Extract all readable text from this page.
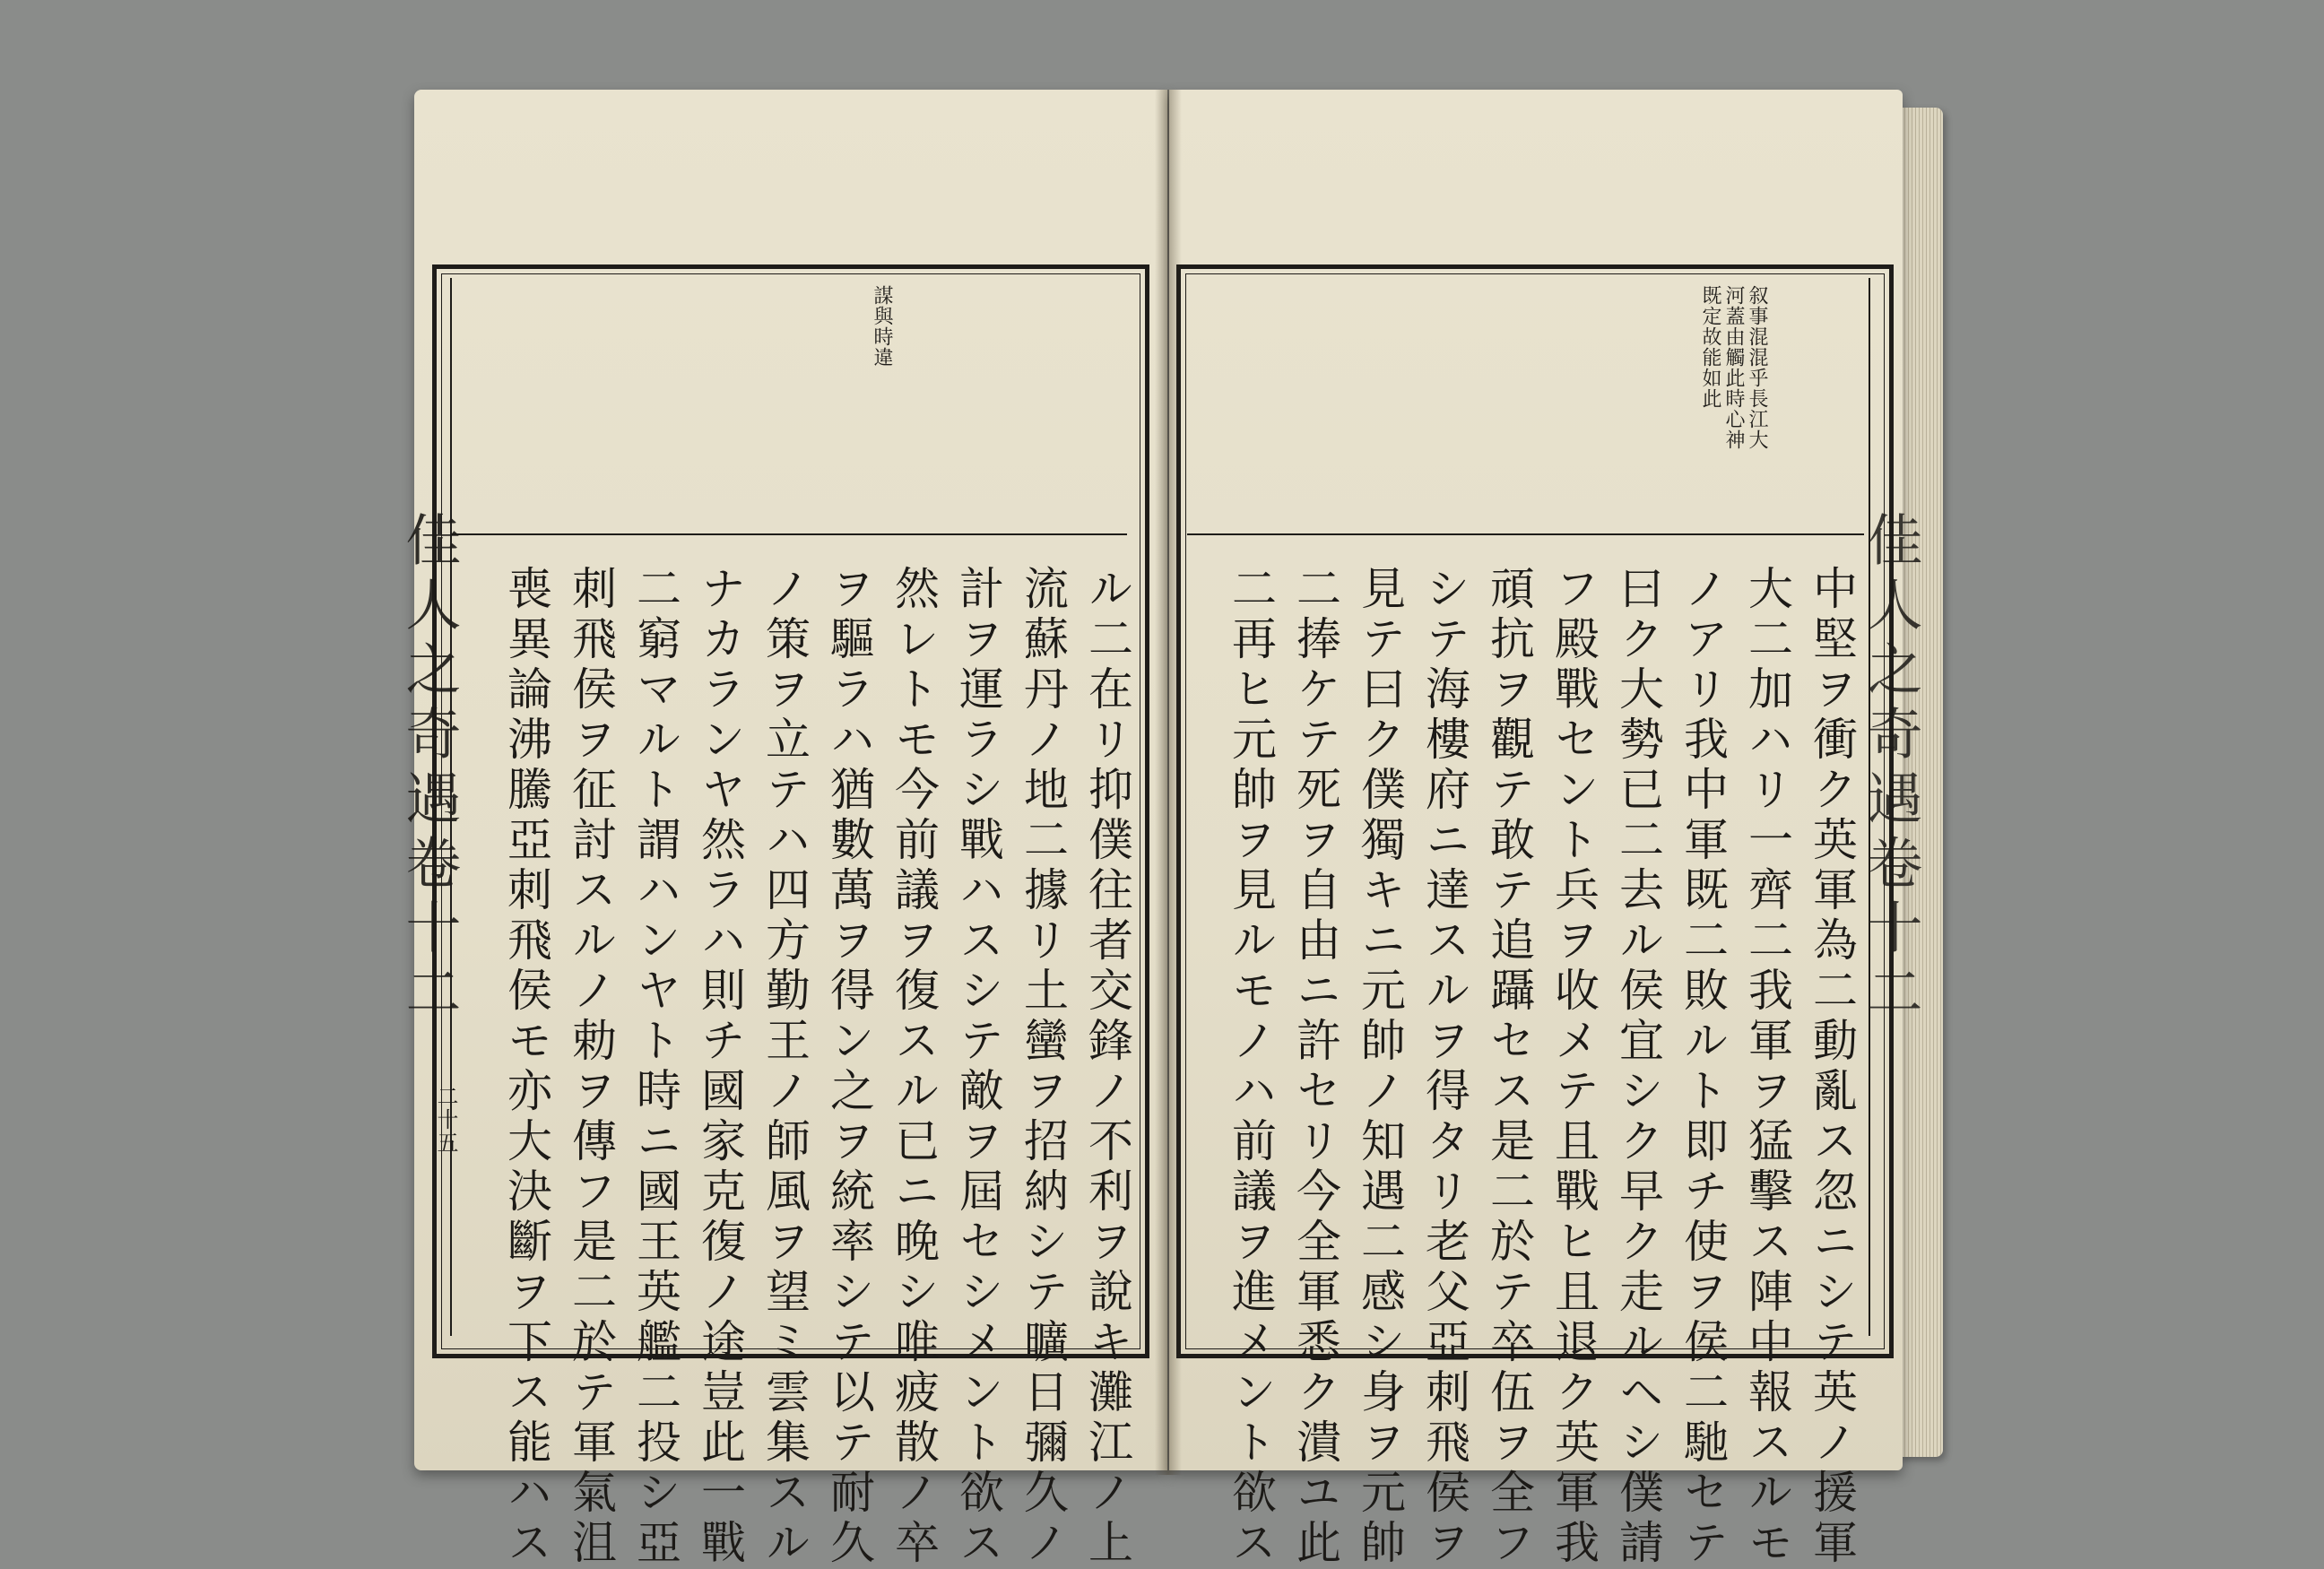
謀與時違
佳人之奇遇卷十二
二十五	ル二在リ抑僕往者交鋒ノ不利ヲ說キ灘江ノ上
流蘇丹ノ地二據リ土蠻ヲ招納シテ曠日彌久ノ
計ヲ運ラシ戰ハスシテ敵ヲ屆セシメント欲ス
然レトモ今前議ヲ復スル已ニ晚シ唯疲散ノ卒
ヲ驅ラハ猶數萬ヲ得ン之ヲ統率シテ以テ耐久
ノ策ヲ立テハ四方勤王ノ師風ヲ望ミ雲集スル
ナカランヤ然ラハ則チ國家克復ノ途豈此一戰
二窮マルト謂ハンヤト時ニ國王英艦二投シ亞
刺飛侯ヲ征討スルノ勅ヲ傳フ是二於テ軍氣沮
喪異論沸騰亞刺飛侯モ亦大決斷ヲ下ス能ハス
叙事混混乎長江大
河蓋由觸此時心神
既定故能如此
佳人之奇遇卷十二
中堅ヲ衝ク英軍為二動亂ス忽ニシテ英ノ援軍
大二加ハリ一齊二我軍ヲ猛擊ス陣中報スルモ
ノアリ我中軍既二敗ルト即チ使ヲ侯二馳セテ
曰ク大勢已二去ル侯宜シク早ク走ルヘシ僕請
フ殿戰セント兵ヲ收メテ且戰ヒ且退ク英軍我
頑抗ヲ觀テ敢テ追躡セス是二於テ卒伍ヲ全フ
シテ海樓府ニ達スルヲ得タリ老父亞刺飛侯ヲ
見テ曰ク僕獨キニ元帥ノ知遇二感シ身ヲ元帥
二捧ケテ死ヲ自由ニ許セリ今全軍悉ク潰ユ此
二再ヒ元帥ヲ見ルモノハ前議ヲ進メント欲ス
